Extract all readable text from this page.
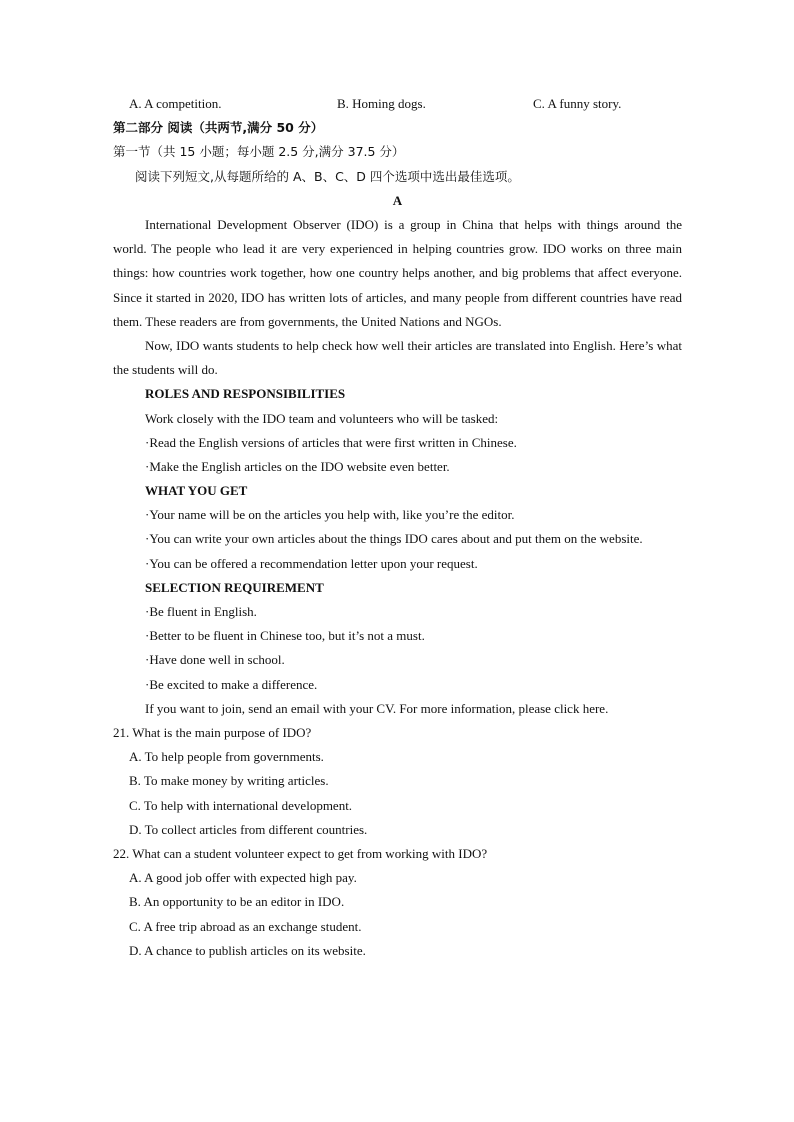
A. A competition.	B. Homing dogs.	C. A funny story.
第二部分 阅读（共两节,满分 50 分）
第一节（共 15 小题；每小题 2.5 分,满分 37.5 分）
阅读下列短文,从每题所给的 A、B、C、D 四个选项中选出最佳选项。
A

International Development Observer (IDO) is a group in China that helps with things around the world. The people who lead it are very experienced in helping countries grow. IDO works on three main things: how countries work together, how one country helps another, and big problems that affect everyone. Since it started in 2020, IDO has written lots of articles, and many people from different countries have read them. These readers are from governments, the United Nations and NGOs.

Now, IDO wants students to help check how well their articles are translated into English. Here’s what the students will do.

ROLES AND RESPONSIBILITIES
Work closely with the IDO team and volunteers who will be tasked:
·Read the English versions of articles that were first written in Chinese.
·Make the English articles on the IDO website even better.
WHAT YOU GET
·Your name will be on the articles you help with, like you’re the editor.

·You can write your own articles about the things IDO cares about and put them on the website.

·You can be offered a recommendation letter upon your request.
SELECTION REQUIREMENT
·Be fluent in English.
·Better to be fluent in Chinese too, but it’s not a must.
·Have done well in school.
·Be excited to make a difference.
If you want to join, send an email with your CV. For more information, please click here.
21. What is the main purpose of IDO?
A. To help people from governments.
B. To make money by writing articles.
C. To help with international development.
D. To collect articles from different countries.
22. What can a student volunteer expect to get from working with IDO?
A. A good job offer with expected high pay.
B. An opportunity to be an editor in IDO.
C. A free trip abroad as an exchange student.
D. A chance to publish articles on its website.
